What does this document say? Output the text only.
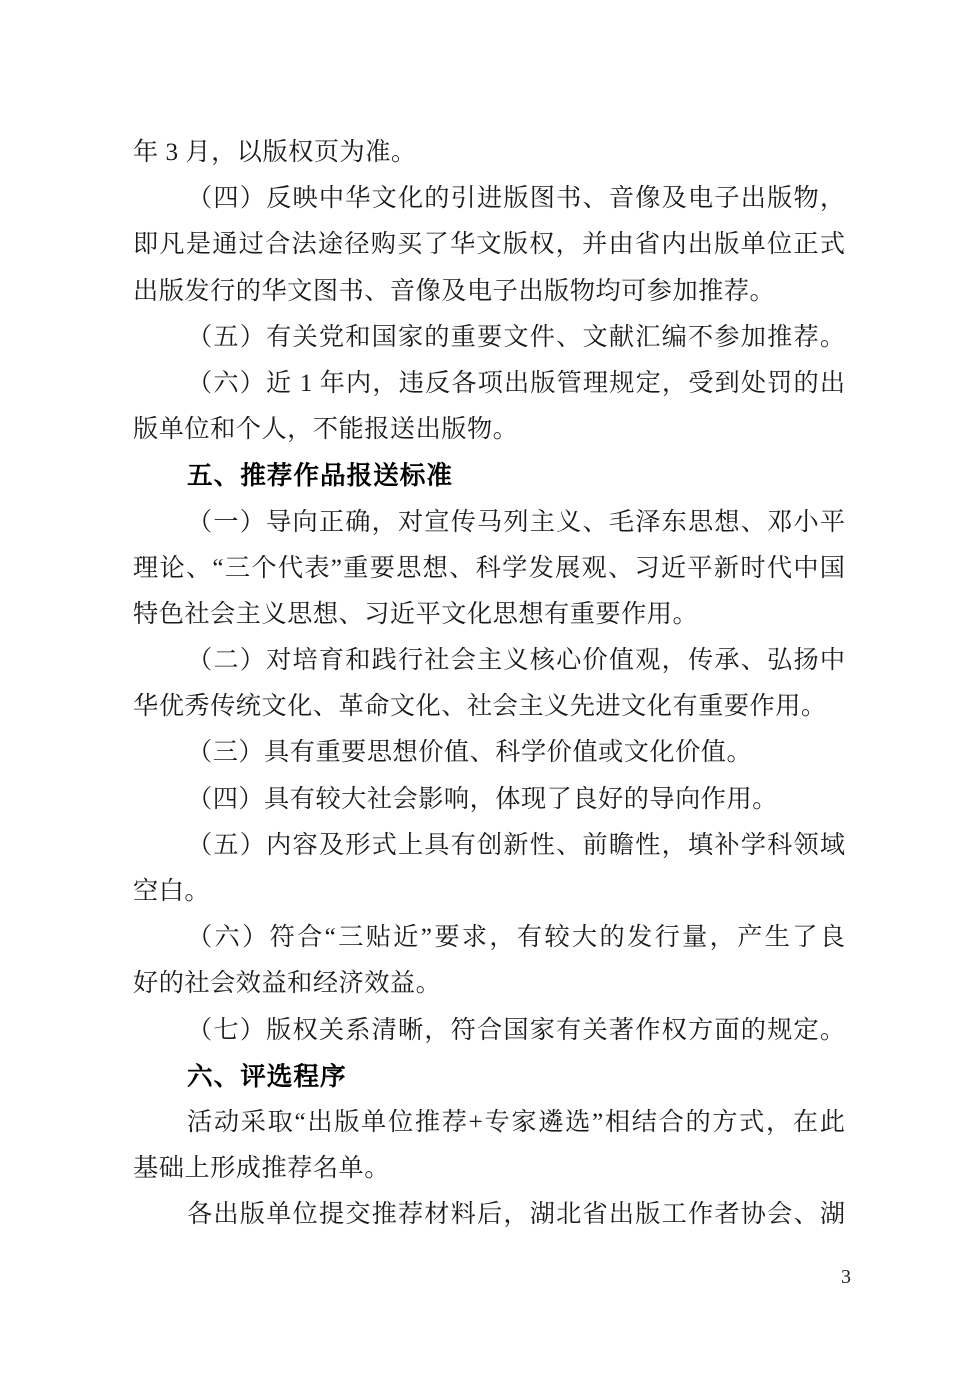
年 3 月，以版权页为准。
（四）反映中华文化的引进版图书、音像及电子出版物，
即凡是通过合法途径购买了华文版权，并由省内出版单位正式
出版发行的华文图书、音像及电子出版物均可参加推荐。
（五）有关党和国家的重要文件、文献汇编不参加推荐。
（六）近 1 年内，违反各项出版管理规定，受到处罚的出
版单位和个人，不能报送出版物。
五、推荐作品报送标准
（一）导向正确，对宣传马列主义、毛泽东思想、邓小平
理论、“三个代表”重要思想、科学发展观、习近平新时代中国
特色社会主义思想、习近平文化思想有重要作用。
（二）对培育和践行社会主义核心价值观，传承、弘扬中
华优秀传统文化、革命文化、社会主义先进文化有重要作用。
（三）具有重要思想价值、科学价值或文化价值。
（四）具有较大社会影响，体现了良好的导向作用。
（五）内容及形式上具有创新性、前瞻性，填补学科领域
空白。
（六）符合“三贴近”要求，有较大的发行量，产生了良
好的社会效益和经济效益。
（七）版权关系清晰，符合国家有关著作权方面的规定。
六、评选程序
活动采取“出版单位推荐+专家遴选”相结合的方式，在此
基础上形成推荐名单。
各出版单位提交推荐材料后，湖北省出版工作者协会、湖
3
